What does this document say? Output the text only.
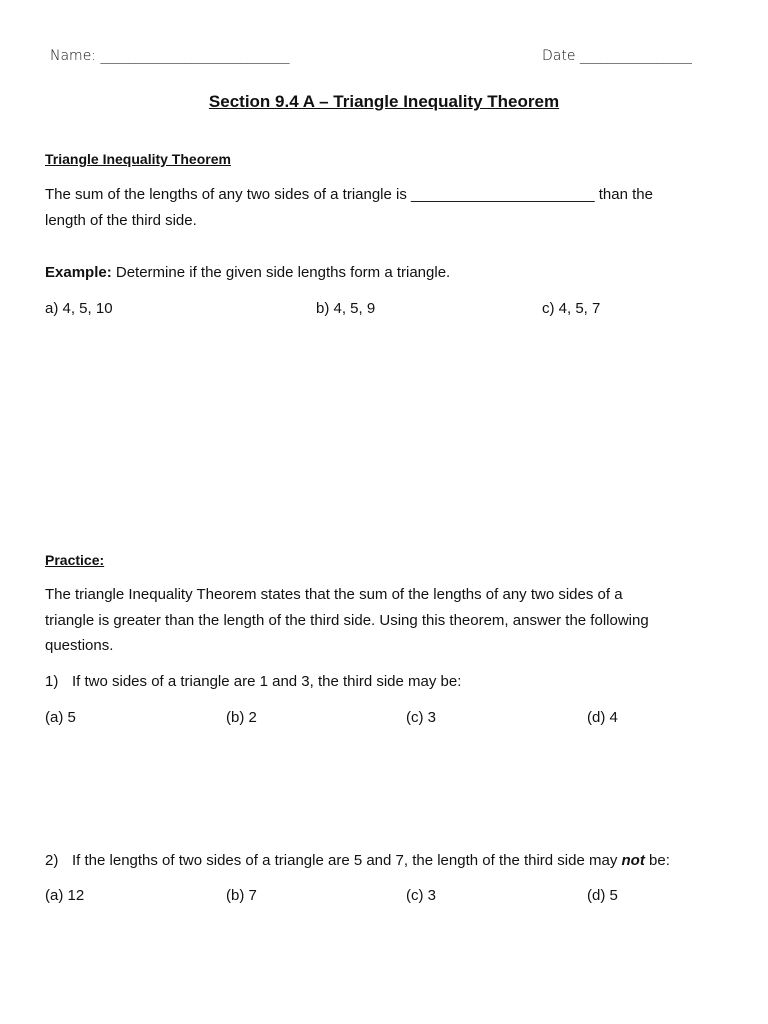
Name: ___________________________	Date ________________
Section 9.4 A – Triangle Inequality Theorem
Triangle Inequality Theorem
The sum of the lengths of any two sides of a triangle is ______________________ than the
length of the third side.
Example: Determine if the given side lengths form a triangle.
a) 4, 5, 10	b) 4, 5, 9	c) 4, 5, 7
Practice:
The triangle Inequality Theorem states that the sum of the lengths of any two sides of a
triangle is greater than the length of the third side. Using this theorem, answer the following
questions.
1) If two sides of a triangle are 1 and 3, the third side may be:
(a) 5	(b) 2	(c) 3	(d) 4
2) If the lengths of two sides of a triangle are 5 and 7, the length of the third side may not be:
(a) 12	(b) 7	(c) 3	(d) 5
